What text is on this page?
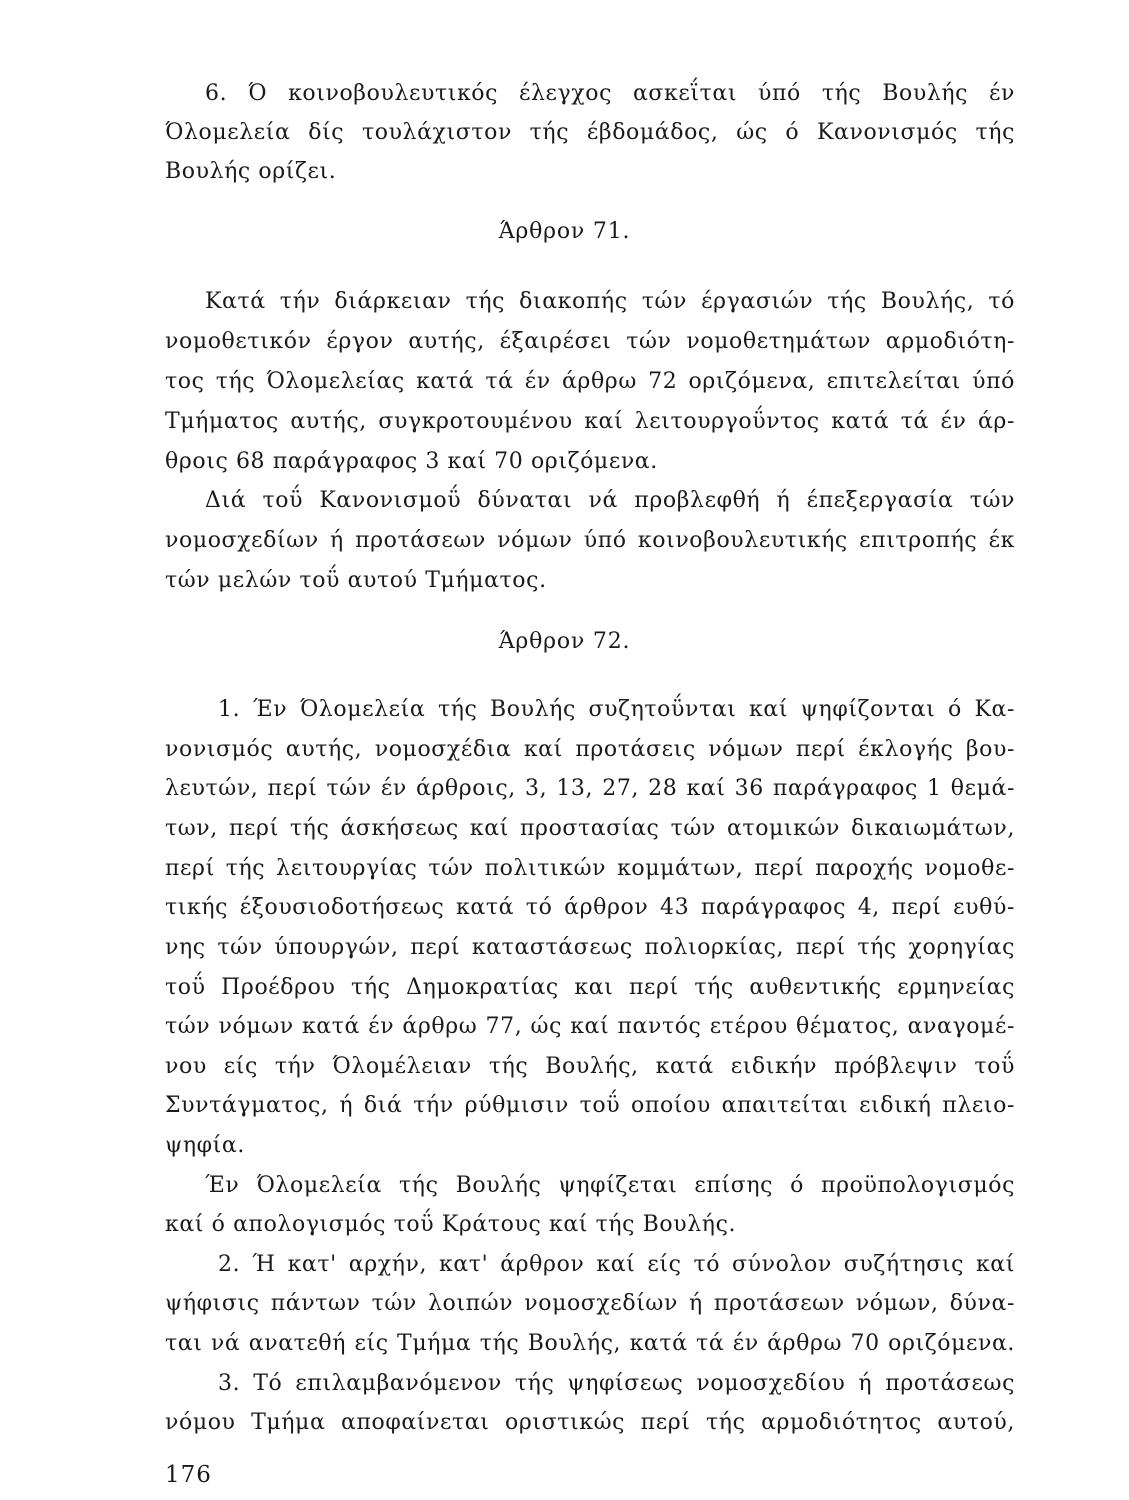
6. Ό κοινοβουλευτικός έλεγχος ασκεΐται ύπό τής Βουλής έν
Όλομελεία δίς τουλάχιστον τής έβδομάδος, ώς ό Κανονισμός τής
Βουλής ορίζει.
Άρθρον 71.
Κατά τήν διάρκειαν τής διακοπής τών έργασιών τής Βουλής, τό
νομοθετικόν έργον αυτής, έξαιρέσει τών νομοθετημάτων αρμοδιότη-
τος τής Όλομελείας κατά τά έν άρθρω 72 οριζόμενα, επιτελείται ύπό
Τμήματος αυτής, συγκροτουμένου καί λειτουργοΰντος κατά τά έν άρ-
θροις 68 παράγραφος 3 καί 70 οριζόμενα.
Διά τοΰ Κανονισμοΰ δύναται νά προβλεφθή ή έπεξεργασία τών
νομοσχεδίων ή προτάσεων νόμων ύπό κοινοβουλευτικής επιτροπής έκ
τών μελών τοΰ αυτού Τμήματος.
Άρθρον 72.
1. Έν Όλομελεία τής Βουλής συζητοΰνται καί ψηφίζονται ό Κα-
νονισμός αυτής, νομοσχέδια καί προτάσεις νόμων περί έκλογής βου-
λευτών, περί τών έν άρθροις, 3, 13, 27, 28 καί 36 παράγραφος 1 θεμά-
των, περί τής άσκήσεως καί προστασίας τών ατομικών δικαιωμάτων,
περί τής λειτουργίας τών πολιτικών κομμάτων, περί παροχής νομοθε-
τικής έξουσιοδοτήσεως κατά τό άρθρον 43 παράγραφος 4, περί ευθύ-
νης τών ύπουργών, περί καταστάσεως πολιορκίας, περί τής χορηγίας
τοΰ Προέδρου τής Δημοκρατίας και περί τής αυθεντικής ερμηνείας
τών νόμων κατά έν άρθρω 77, ώς καί παντός ετέρου θέματος, αναγομέ-
νου είς τήν Όλομέλειαν τής Βουλής, κατά ειδικήν πρόβλεψιν τοΰ
Συντάγματος, ή διά τήν ρύθμισιν τοΰ οποίου απαιτείται ειδική πλειο-
ψηφία.
Έν Όλομελεία τής Βουλής ψηφίζεται επίσης ό προϋπολογισμός
καί ό απολογισμός τοΰ Κράτους καί τής Βουλής.
2. Ή κατ' αρχήν, κατ' άρθρον καί είς τό σύνολον συζήτησις καί
ψήφισις πάντων τών λοιπών νομοσχεδίων ή προτάσεων νόμων, δύνα-
ται νά ανατεθή είς Τμήμα τής Βουλής, κατά τά έν άρθρω 70 οριζόμενα.
3. Τό επιλαμβανόμενον τής ψηφίσεως νομοσχεδίου ή προτάσεως
νόμου Τμήμα αποφαίνεται οριστικώς περί τής αρμοδιότητος αυτού,
176
